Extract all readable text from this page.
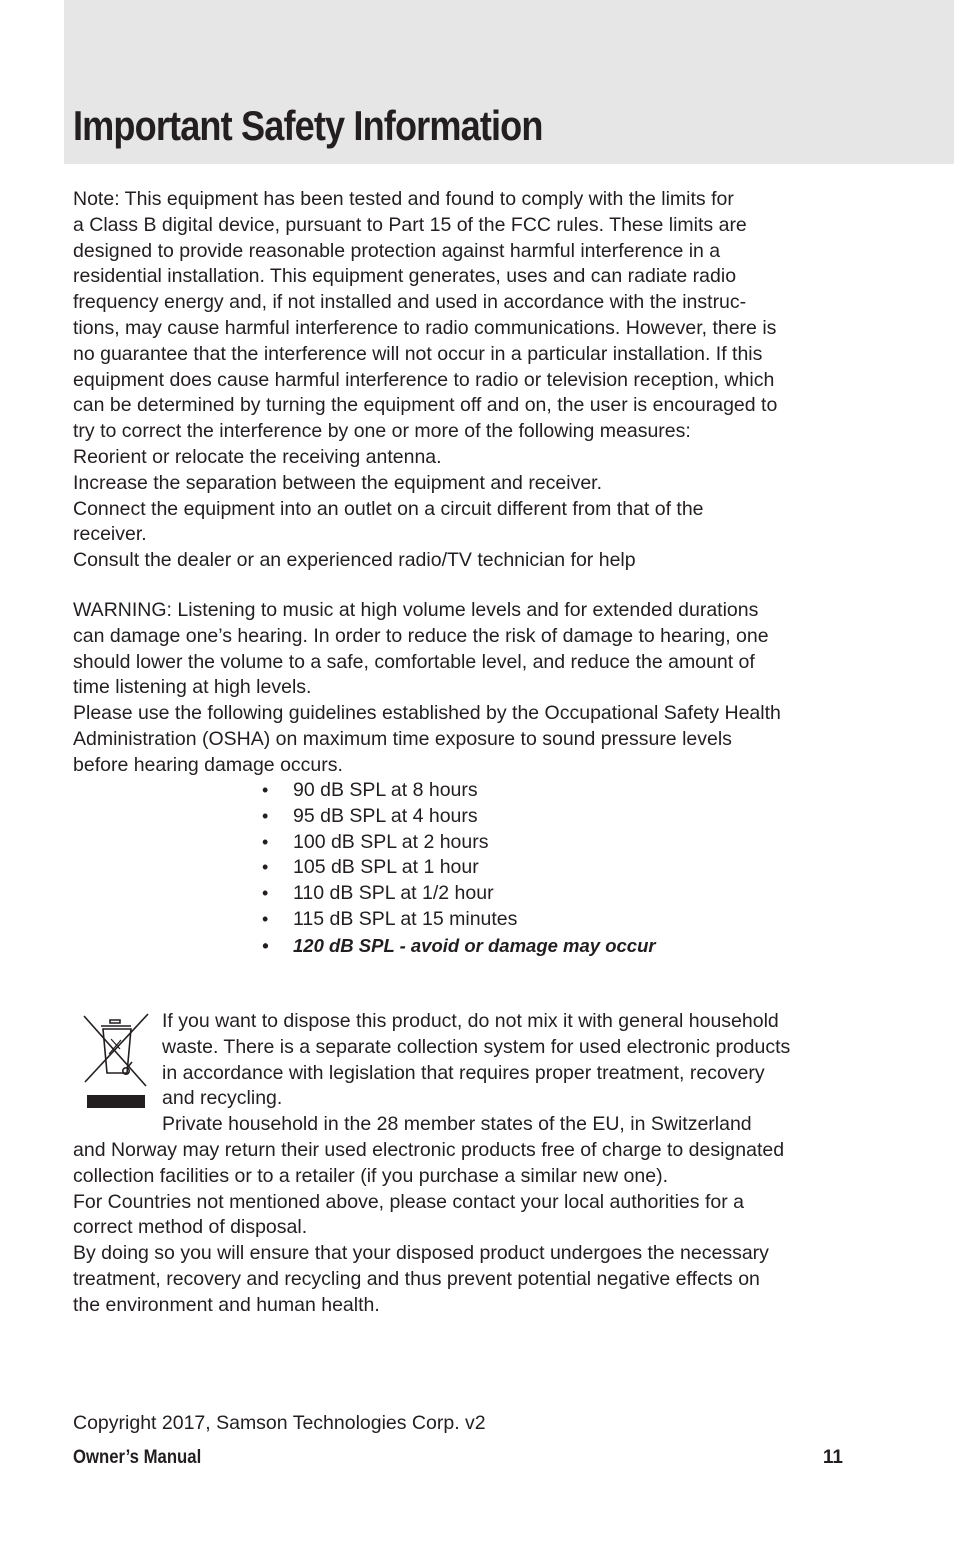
Important Safety Information
Note: This equipment has been tested and found to comply with the limits for
a Class B digital device, pursuant to Part 15 of the FCC rules. These limits are
designed to provide reasonable protection against harmful interference in a
residential installation. This equipment generates, uses and can radiate radio
frequency energy and, if not installed and used in accordance with the instruc-
tions, may cause harmful interference to radio communications. However, there is
no guarantee that the interference will not occur in a particular installation. If this
equipment does cause harmful interference to radio or television reception, which
can be determined by turning the equipment off and on, the user is encouraged to
try to correct the interference by one or more of the following measures:
Reorient or relocate the receiving antenna.
Increase the separation between the equipment and receiver.
Connect the equipment into an outlet on a circuit different from that of the
receiver.
Consult the dealer or an experienced radio/TV technician for help
WARNING: Listening to music at high volume levels and for extended durations
can damage one’s hearing. In order to reduce the risk of damage to hearing, one
should lower the volume to a safe, comfortable level, and reduce the amount of
time listening at high levels.
Please use the following guidelines established by the Occupational Safety Health
Administration (OSHA) on maximum time exposure to sound pressure levels
before hearing damage occurs.
• 90 dB SPL at 8 hours
• 95 dB SPL at 4 hours
• 100 dB SPL at 2 hours
• 105 dB SPL at 1 hour
• 110 dB SPL at 1/2 hour
• 115 dB SPL at 15 minutes
• 120 dB SPL - avoid or damage may occur
If you want to dispose this product, do not mix it with general household
waste. There is a separate collection system for used electronic products
in accordance with legislation that requires proper treatment, recovery
and recycling.
Private household in the 28 member states of the EU, in Switzerland
and Norway may return their used electronic products free of charge to designated
collection facilities or to a retailer (if you purchase a similar new one).
For Countries not mentioned above, please contact your local authorities for a
correct method of disposal.
By doing so you will ensure that your disposed product undergoes the necessary
treatment, recovery and recycling and thus prevent potential negative effects on
the environment and human health.
Copyright 2017, Samson Technologies Corp. v2
Owner’s Manual	11
